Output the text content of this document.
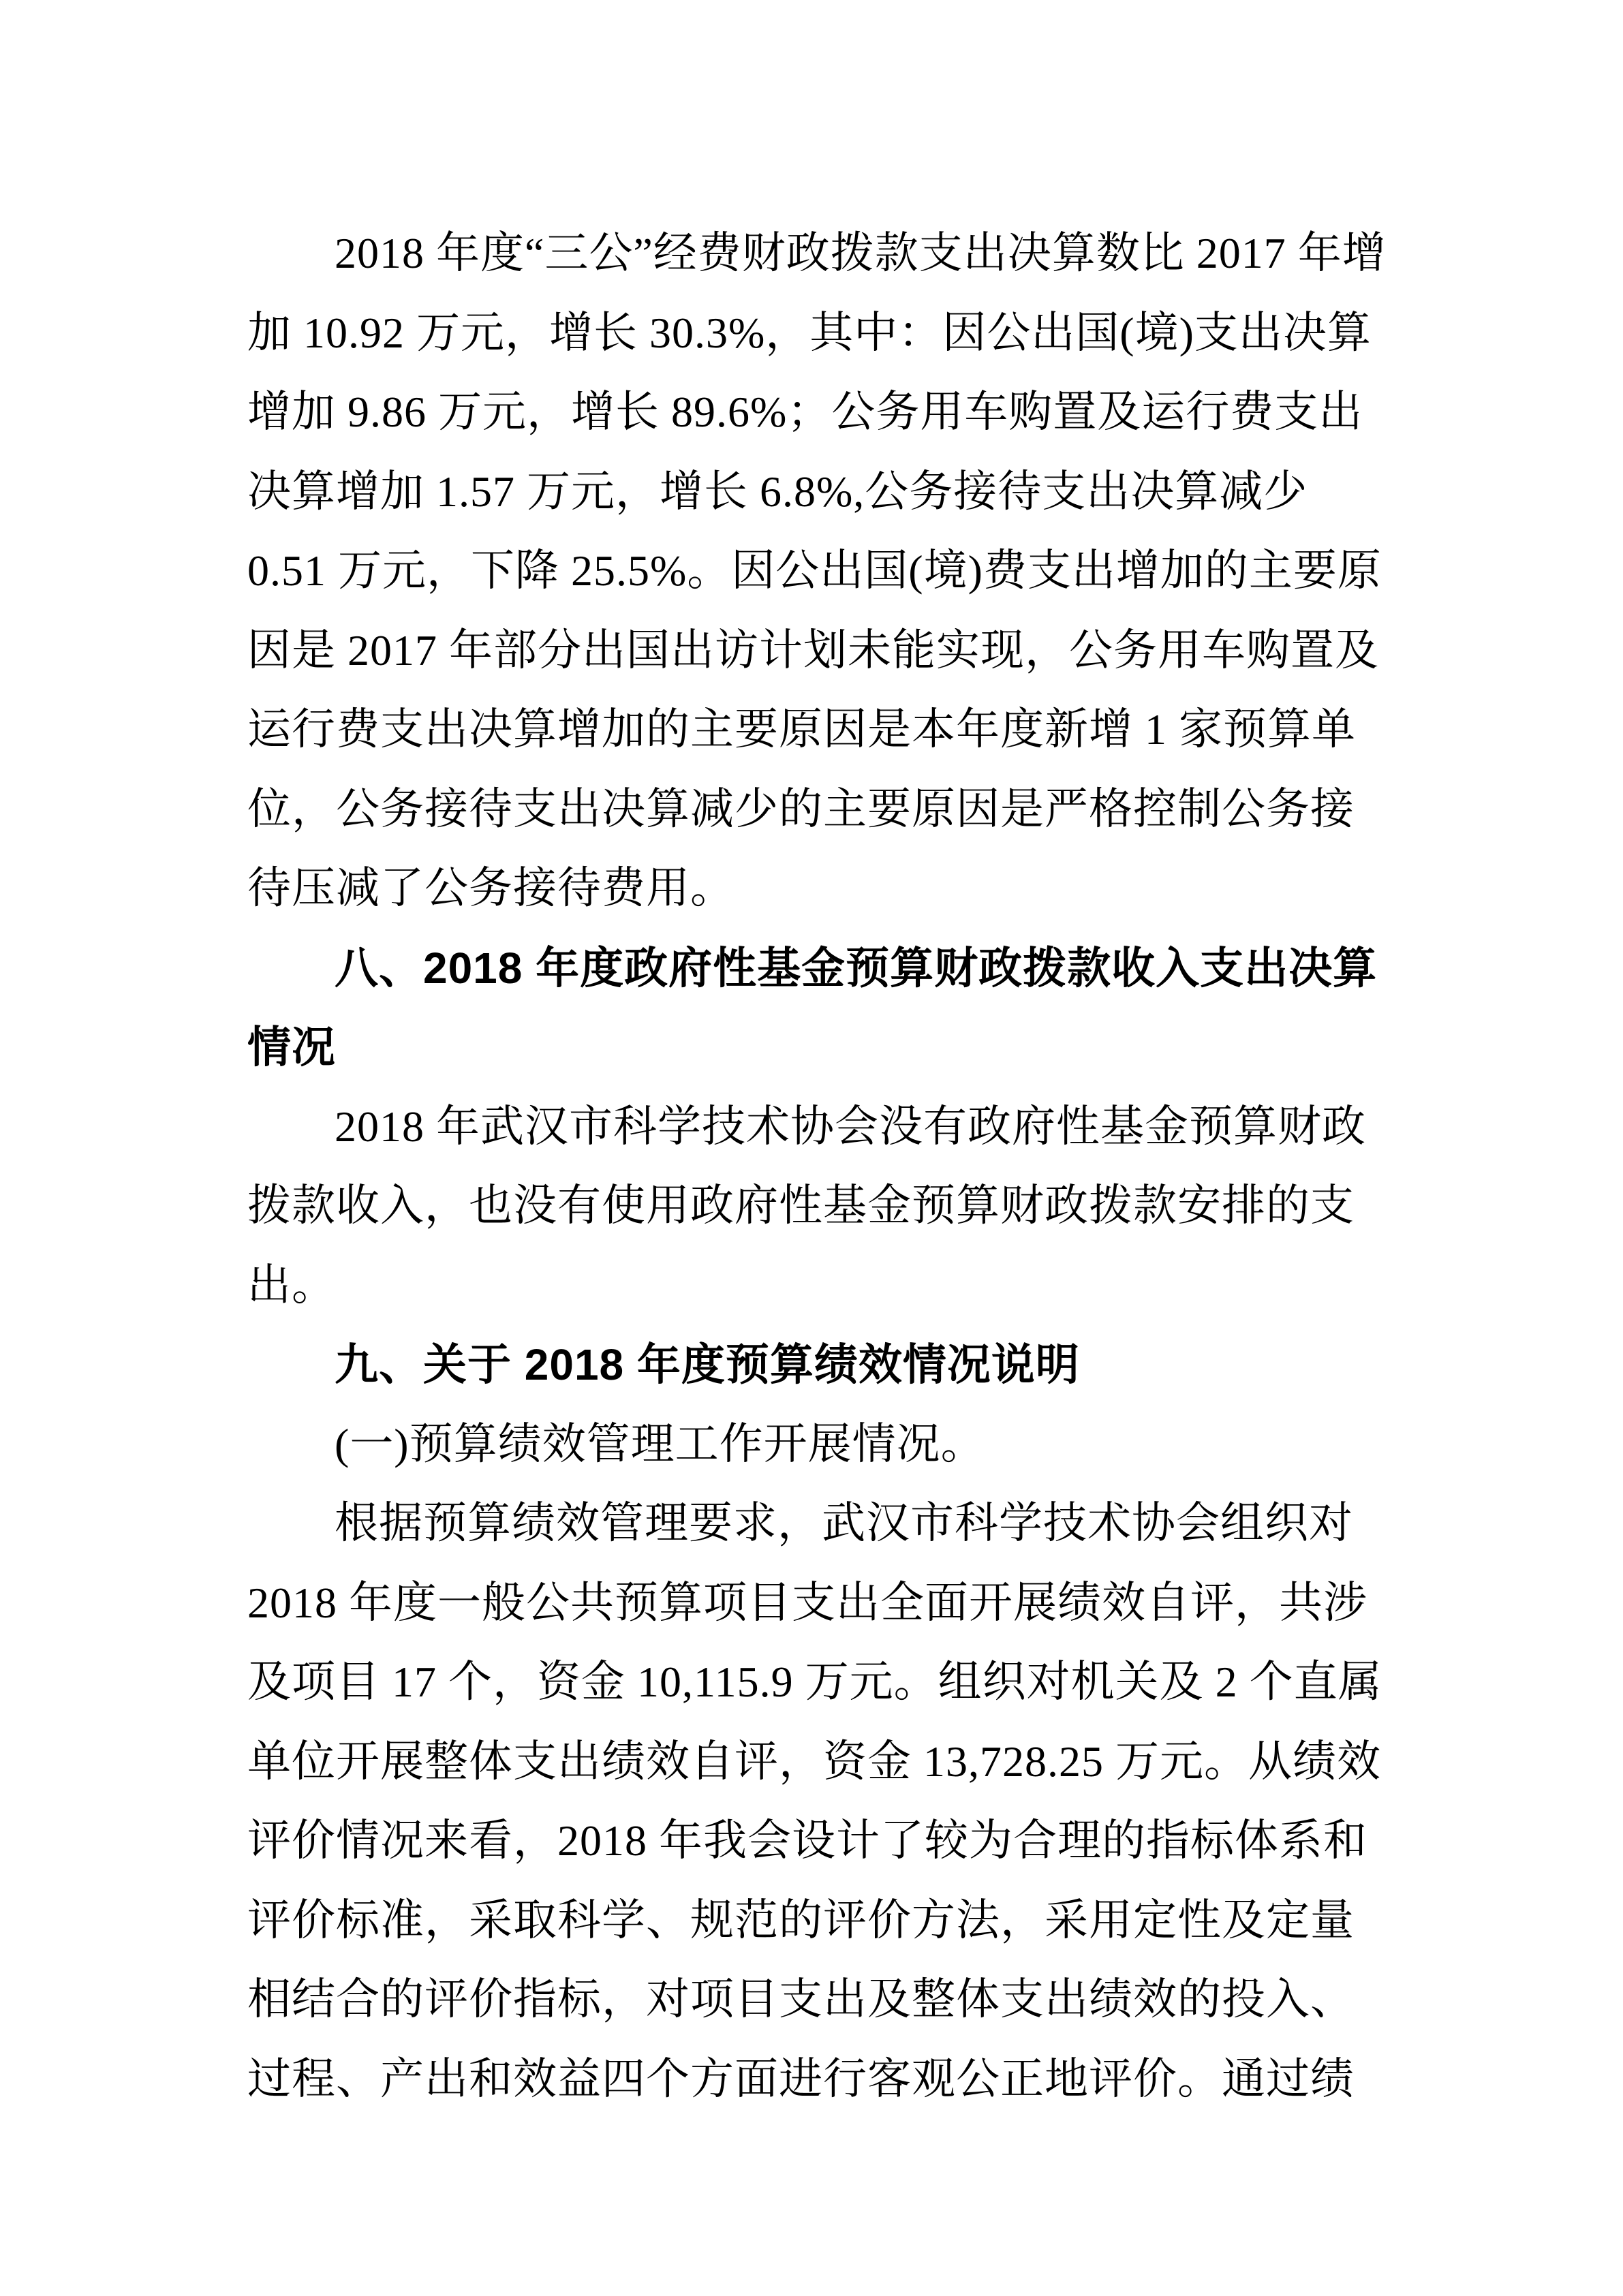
2018 年度“三公”经费财政拨款支出决算数比 2017 年增
加 10.92 万元，增长 30.3%，其中：因公出国(境)支出决算
增加 9.86 万元，增长 89.6%；公务用车购置及运行费支出
决算增加 1.57 万元，增长 6.8%,公务接待支出决算减少
0.51 万元，下降 25.5%。因公出国(境)费支出增加的主要原
因是 2017 年部分出国出访计划未能实现，公务用车购置及
运行费支出决算增加的主要原因是本年度新增 1 家预算单
位，公务接待支出决算减少的主要原因是严格控制公务接
待压减了公务接待费用。
八、2018 年度政府性基金预算财政拨款收入支出决算
情况
2018 年武汉市科学技术协会没有政府性基金预算财政
拨款收入，也没有使用政府性基金预算财政拨款安排的支
出。
九、关于 2018 年度预算绩效情况说明
(一)预算绩效管理工作开展情况。
根据预算绩效管理要求，武汉市科学技术协会组织对
2018 年度一般公共预算项目支出全面开展绩效自评，共涉
及项目 17 个，资金 10,115.9 万元。组织对机关及 2 个直属
单位开展整体支出绩效自评，资金 13,728.25 万元。从绩效
评价情况来看，2018 年我会设计了较为合理的指标体系和
评价标准，采取科学、规范的评价方法，采用定性及定量
相结合的评价指标，对项目支出及整体支出绩效的投入、
过程、产出和效益四个方面进行客观公正地评价。通过绩
